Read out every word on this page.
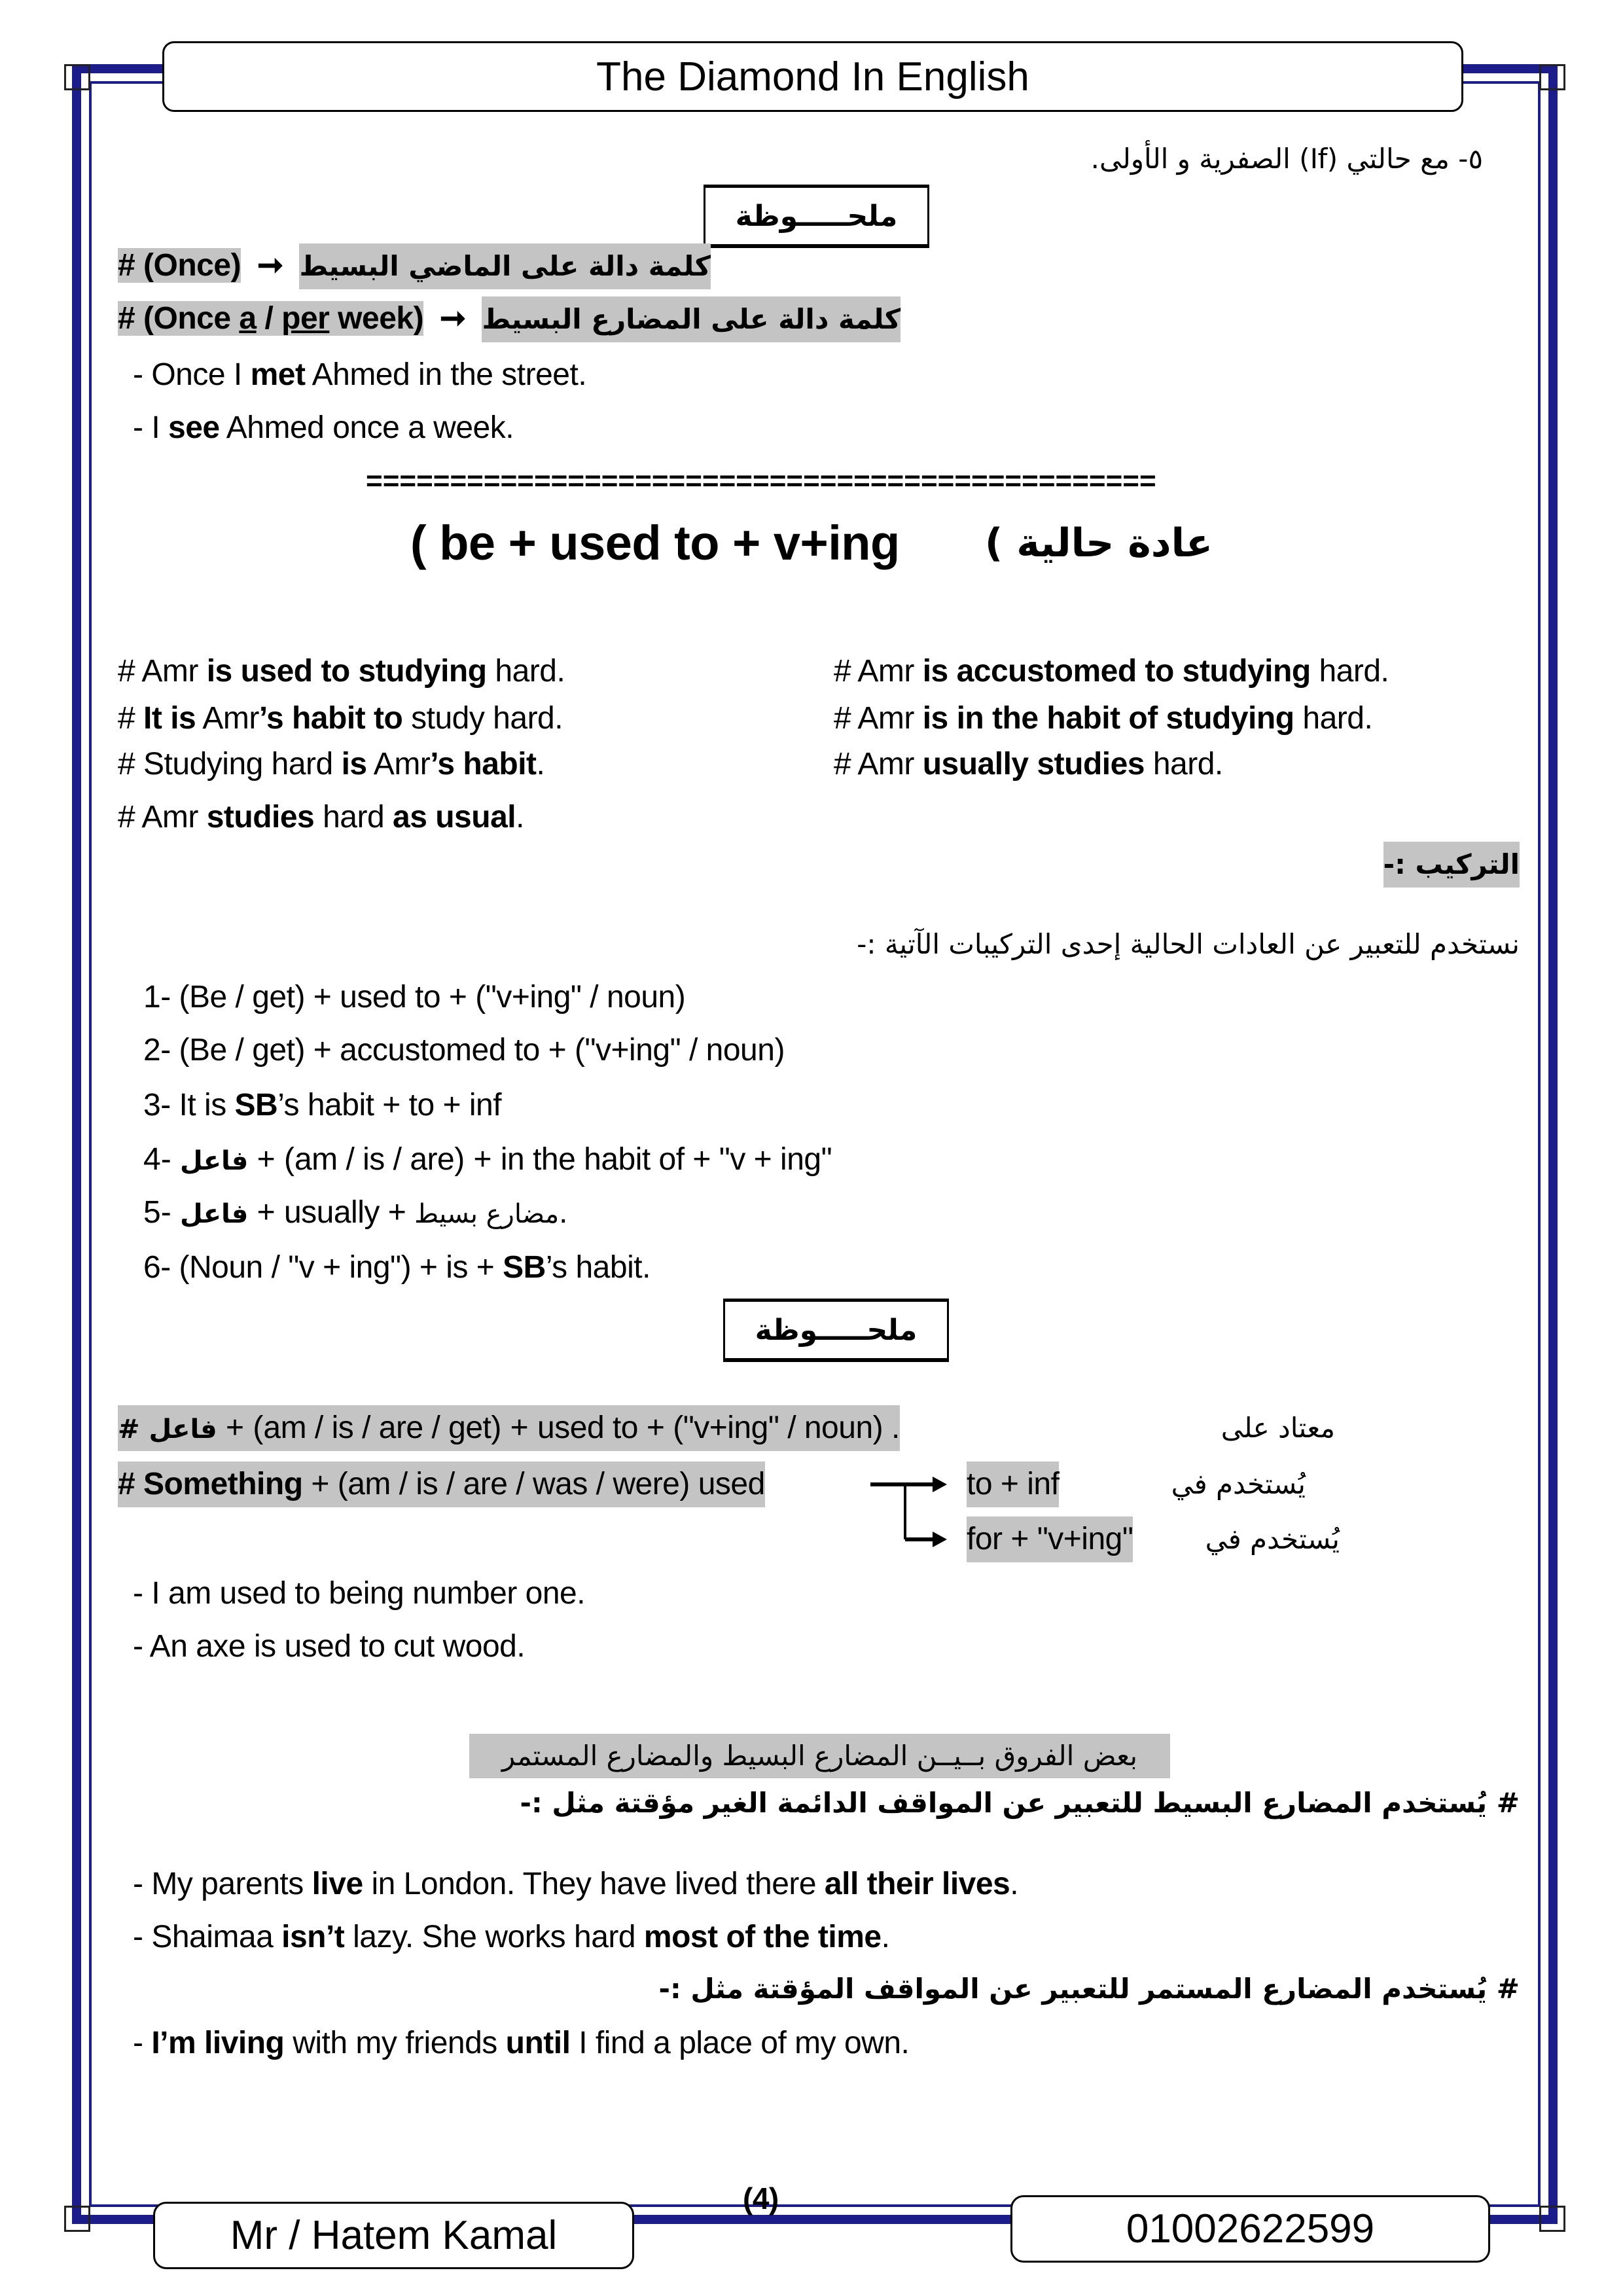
The Diamond In English
٥- مع حالتي (If) الصفرية و الأولى.
ملحـــــوظة
# (Once) ➞ كلمة دالة على الماضي البسيط
# (Once a / per week) ➞ كلمة دالة على المضارع البسيط
- Once I met Ahmed in the street.
- I see Ahmed once a week.
===============================================
( be + used to + v+ing عادة حالية )
# Amr is used to studying hard.
# It is Amr’s habit to study hard.
# Studying hard is Amr’s habit.
# Amr studies hard as usual.
# Amr is accustomed to studying hard.
# Amr is in the habit of studying hard.
# Amr usually studies hard.
التركيب :-
نستخدم للتعبير عن العادات الحالية إحدى التركيبات الآتية :-
1- (Be / get) + used to + ("v+ing" / noun)
2- (Be / get) + accustomed to + ("v+ing" / noun)
3- It is SB’s habit + to + inf
4- فاعل + (am / is / are) + in the habit of + "v + ing"
5- فاعل + usually + مضارع بسيط.
6- (Noun / "v + ing") + is + SB’s habit.
ملحـــــوظة
# فاعل + (am / is / are / get) + used to + ("v+ing" / noun) .	معتاد على
# Something + (am / is / are / was / were) used	to + inf	يُستخدم في
for + "v+ing"	يُستخدم في
- I am used to being number one.
- An axe is used to cut wood.
بعض الفروق بــيــن المضارع البسيط والمضارع المستمر
# يُستخدم المضارع البسيط للتعبير عن المواقف الدائمة الغير مؤقتة مثل :-
- My parents live in London. They have lived there all their lives.
- Shaimaa isn’t lazy. She works hard most of the time.
# يُستخدم المضارع المستمر للتعبير عن المواقف المؤقتة مثل :-
- I’m living with my friends until I find a place of my own.
(4)
Mr / Hatem Kamal	01002622599
